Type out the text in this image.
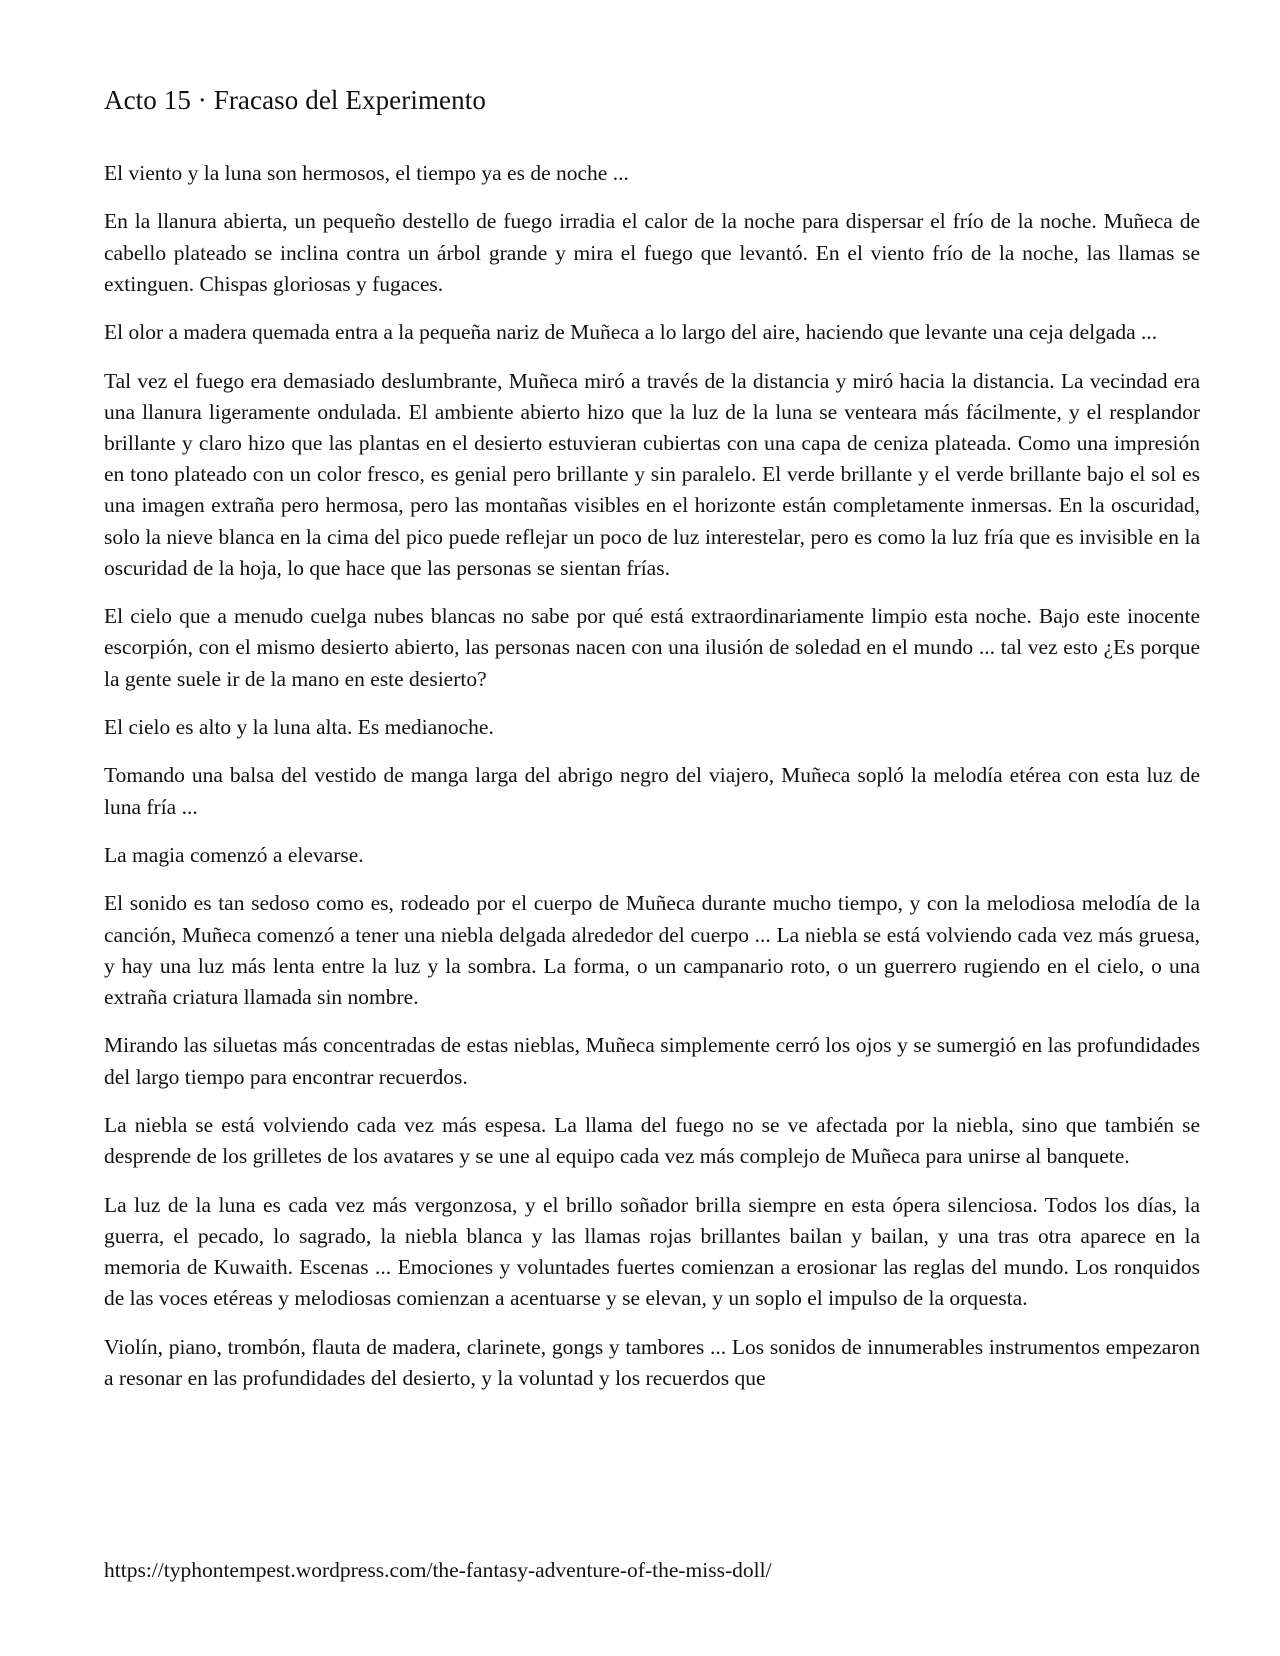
Acto 15 · Fracaso del Experimento

El viento y la luna son hermosos, el tiempo ya es de noche ...

En la llanura abierta, un pequeño destello de fuego irradia el calor de la noche para dispersar el frío de la noche. Muñeca de cabello plateado se inclina contra un árbol grande y mira el fuego que levantó. En el viento frío de la noche, las llamas se extinguen. Chispas gloriosas y fugaces.

El olor a madera quemada entra a la pequeña nariz de Muñeca a lo largo del aire, haciendo que levante una ceja delgada ...

Tal vez el fuego era demasiado deslumbrante, Muñeca miró a través de la distancia y miró hacia la distancia. La vecindad era una llanura ligeramente ondulada. El ambiente abierto hizo que la luz de la luna se venteara más fácilmente, y el resplandor brillante y claro hizo que las plantas en el desierto estuvieran cubiertas con una capa de ceniza plateada. Como una impresión en tono plateado con un color fresco, es genial pero brillante y sin paralelo. El verde brillante y el verde brillante bajo el sol es una imagen extraña pero hermosa, pero las montañas visibles en el horizonte están completamente inmersas. En la oscuridad, solo la nieve blanca en la cima del pico puede reflejar un poco de luz interestelar, pero es como la luz fría que es invisible en la oscuridad de la hoja, lo que hace que las personas se sientan frías.

El cielo que a menudo cuelga nubes blancas no sabe por qué está extraordinariamente limpio esta noche. Bajo este inocente escorpión, con el mismo desierto abierto, las personas nacen con una ilusión de soledad en el mundo ... tal vez esto ¿Es porque la gente suele ir de la mano en este desierto?

El cielo es alto y la luna alta. Es medianoche.

Tomando una balsa del vestido de manga larga del abrigo negro del viajero, Muñeca sopló la melodía etérea con esta luz de luna fría ...

La magia comenzó a elevarse.

El sonido es tan sedoso como es, rodeado por el cuerpo de Muñeca durante mucho tiempo, y con la melodiosa melodía de la canción, Muñeca comenzó a tener una niebla delgada alrededor del cuerpo ... La niebla se está volviendo cada vez más gruesa, y hay una luz más lenta entre la luz y la sombra. La forma, o un campanario roto, o un guerrero rugiendo en el cielo, o una extraña criatura llamada sin nombre.

Mirando las siluetas más concentradas de estas nieblas, Muñeca simplemente cerró los ojos y se sumergió en las profundidades del largo tiempo para encontrar recuerdos.

La niebla se está volviendo cada vez más espesa. La llama del fuego no se ve afectada por la niebla, sino que también se desprende de los grilletes de los avatares y se une al equipo cada vez más complejo de Muñeca para unirse al banquete.

La luz de la luna es cada vez más vergonzosa, y el brillo soñador brilla siempre en esta ópera silenciosa. Todos los días, la guerra, el pecado, lo sagrado, la niebla blanca y las llamas rojas brillantes bailan y bailan, y una tras otra aparece en la memoria de Kuwaith. Escenas ... Emociones y voluntades fuertes comienzan a erosionar las reglas del mundo. Los ronquidos de las voces etéreas y melodiosas comienzan a acentuarse y se elevan, y un soplo el impulso de la orquesta.

Violín, piano, trombón, flauta de madera, clarinete, gongs y tambores ... Los sonidos de innumerables instrumentos empezaron a resonar en las profundidades del desierto, y la voluntad y los recuerdos que

https://typhontempest.wordpress.com/the-fantasy-adventure-of-the-miss-doll/
